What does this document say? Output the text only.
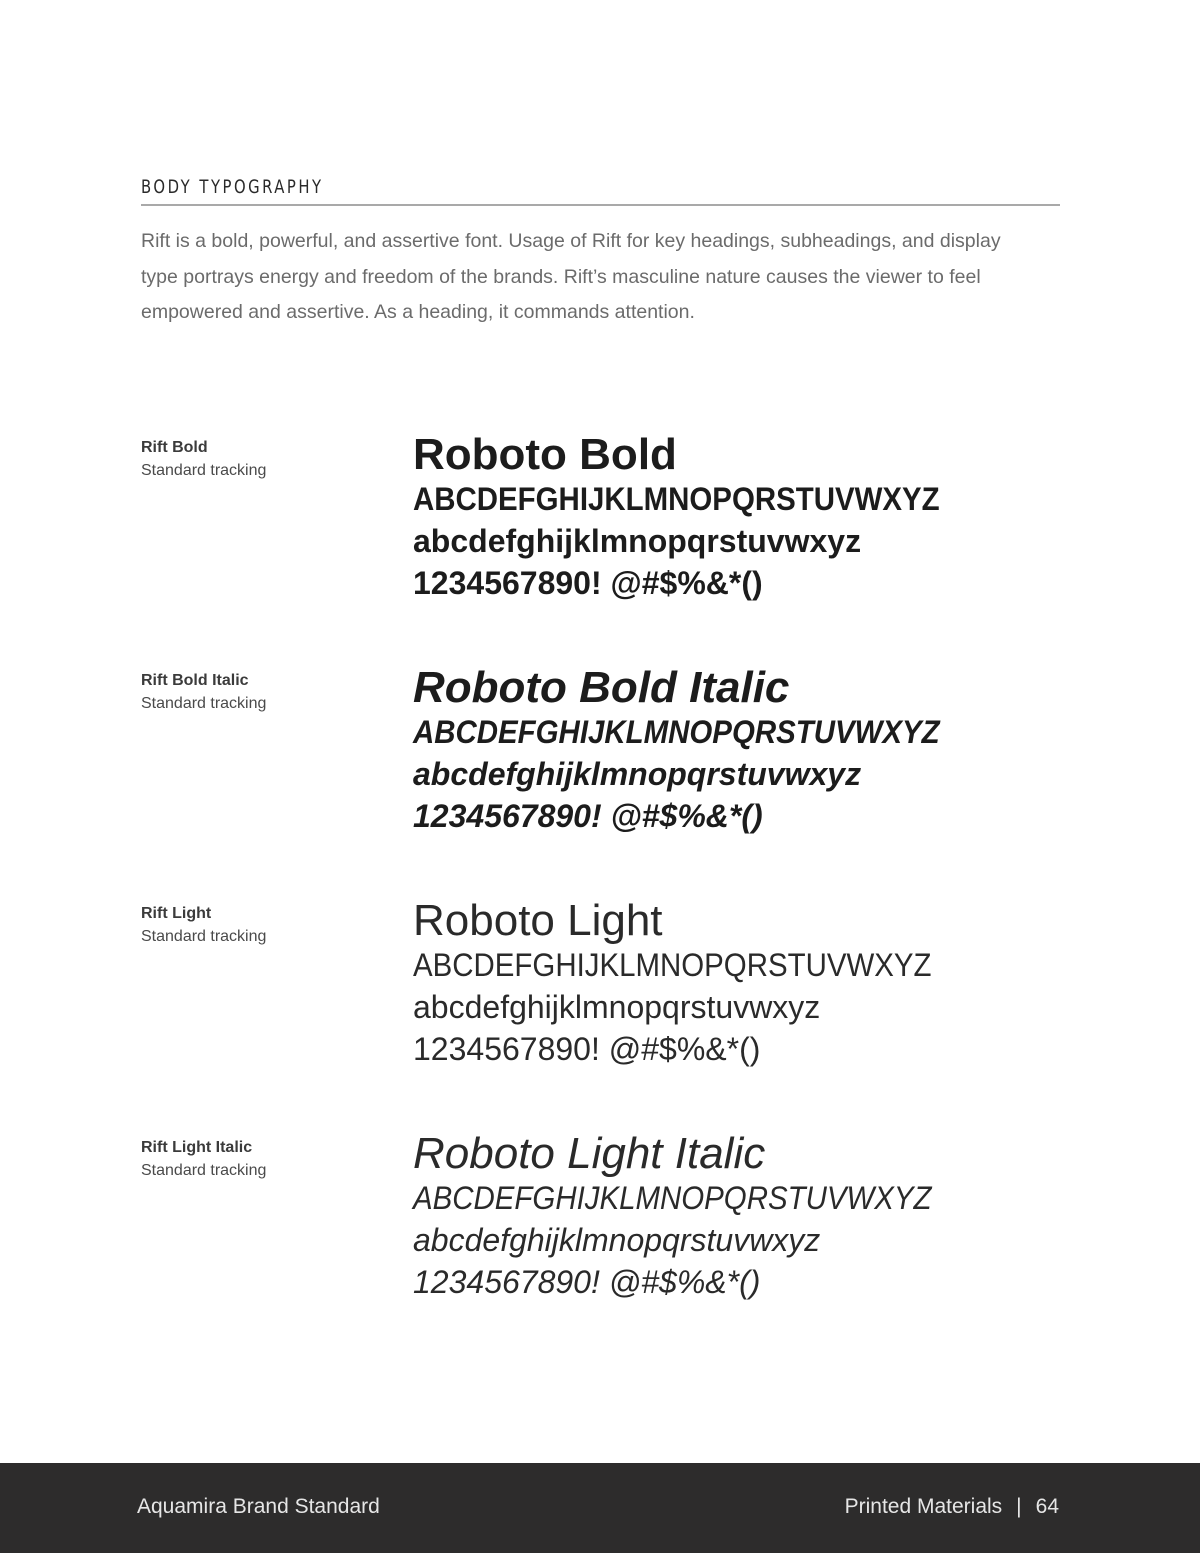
BODY TYPOGRAPHY

Rift is a bold, powerful, and assertive font. Usage of Rift for key headings, subheadings, and display type portrays energy and freedom of the brands. Rift’s masculine nature causes the viewer to feel empowered and assertive. As a heading, it commands attention.

Rift Bold
Standard tracking	Roboto Bold
ABCDEFGHIJKLMNOPQRSTUVWXYZ
abcdefghijklmnopqrstuvwxyz
1234567890! @#$%&*()
Rift Bold Italic
Standard tracking	Roboto Bold Italic
ABCDEFGHIJKLMNOPQRSTUVWXYZ
abcdefghijklmnopqrstuvwxyz
1234567890! @#$%&*()
Rift Light
Standard tracking	Roboto Light
ABCDEFGHIJKLMNOPQRSTUVWXYZ
abcdefghijklmnopqrstuvwxyz
1234567890! @#$%&*()
Rift Light Italic
Standard tracking	Roboto Light Italic
ABCDEFGHIJKLMNOPQRSTUVWXYZ
abcdefghijklmnopqrstuvwxyz
1234567890! @#$%&*()
Aquamira Brand Standard	Printed Materials | 64
